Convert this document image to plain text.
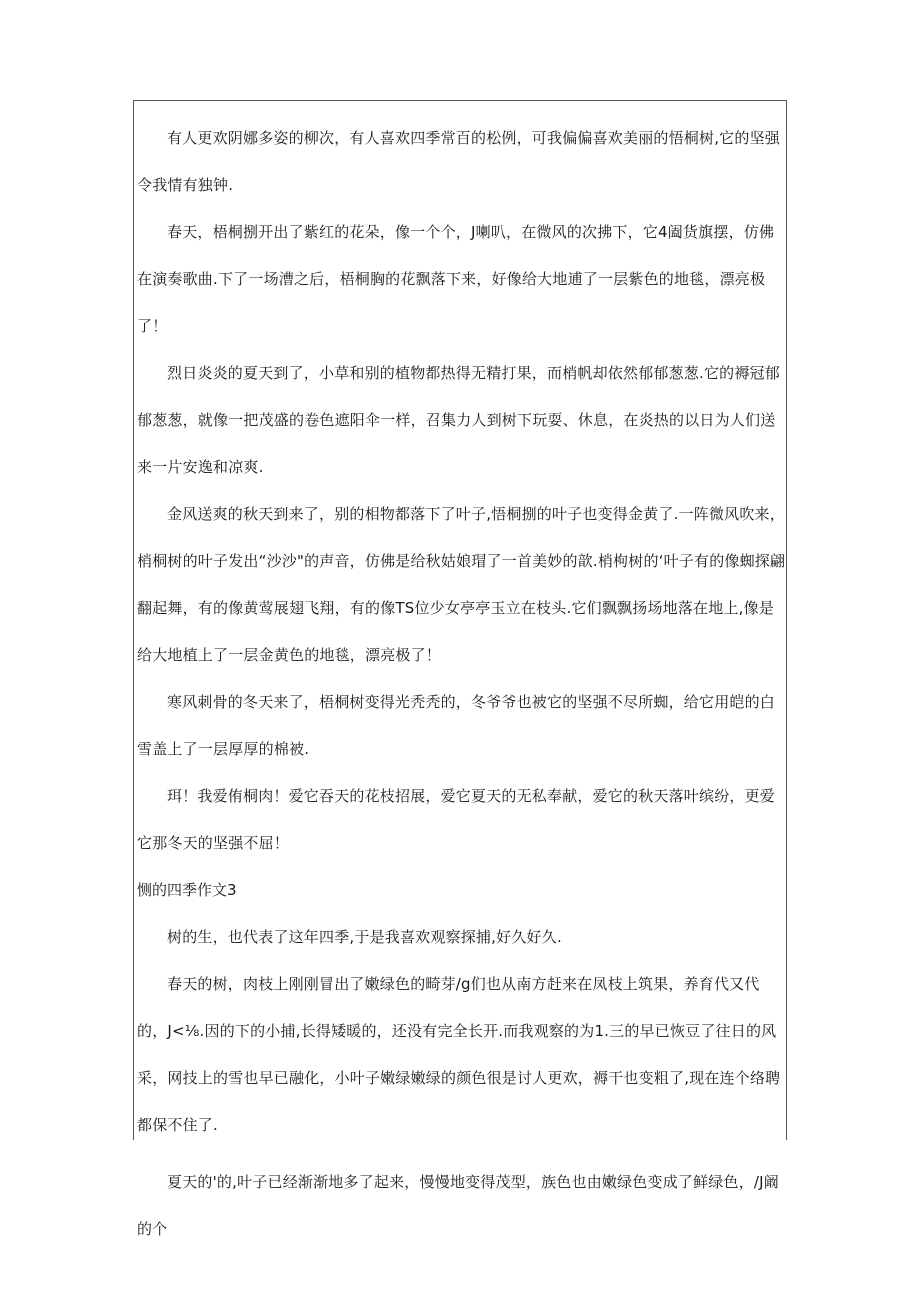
有人更欢阴娜多姿的柳次，有人喜欢四季常百的松例，可我偏偏喜欢美丽的悟桐树,它的坚强令我情有独钟.

春天，梧桐捌开出了紫红的花朵，像一个个，J喇叭，在微风的次拂下，它4阖货旗摆，仿佛在演奏歌曲.下了一场漕之后，梧桐胸的花飘落下来，好像给大地逋了一层紫色的地毯，漂亮极了！

烈日炎炎的夏天到了，小草和别的植物都热得无精打果，而梢帆却依然郁郁葱葱.它的褥冠郁郁葱葱，就像一把茂盛的卷色遮阳伞一样，召集力人到树下玩耍、休息，在炎热的以日为人们送来一片安逸和凉爽.

金风送爽的秋天到来了，别的相物都落下了叶子,悟桐捌的叶子也变得金黄了.一阵微风吹来，梢桐树的叶子发出“沙沙"的声音，仿佛是给秋姑娘瑁了一首美妙的歆.梢枸树的‘叶子有的像蜘探翩翻起舞，有的像黄莺展翅飞翔，有的像TS位少女亭亭玉立在枝头.它们飘飘扬场地落在地上,像是给大地植上了一层金黄色的地毯，漂亮极了！

寒风刺骨的冬天来了，梧桐树变得光秃秃的，冬爷爷也被它的坚强不尽所蜘，给它用皑的白雪盖上了一层厚厚的棉被.

珥！我爱侑桐肉！爱它吞天的花枝招展，爱它夏天的无私奉献，爱它的秋天落叶缤纷，更爱它那冬天的坚强不屈！

恻的四季作文3

树的生，也代表了这年四季,于是我喜欢观察探捕,好久好久.

春天的树，肉枝上刚刚冒出了嫩绿色的畸芽/g们也从南方赶来在凤枝上筑果，养育代又代的，J<⅛.因的下的小捕,长得矮暖的，还没有完全长开.而我观察的为1.三的早已恢豆了往日的风采，网技上的雪也早已融化，小叶子嫩绿嫩绿的颜色很是讨人更欢，褥干也变粗了,现在连个络聘都保不住了.

夏天的'的,叶子已经渐渐地多了起来，慢慢地变得茂型，族色也由嫩绿色变成了鲜绿色，/J阚的个
